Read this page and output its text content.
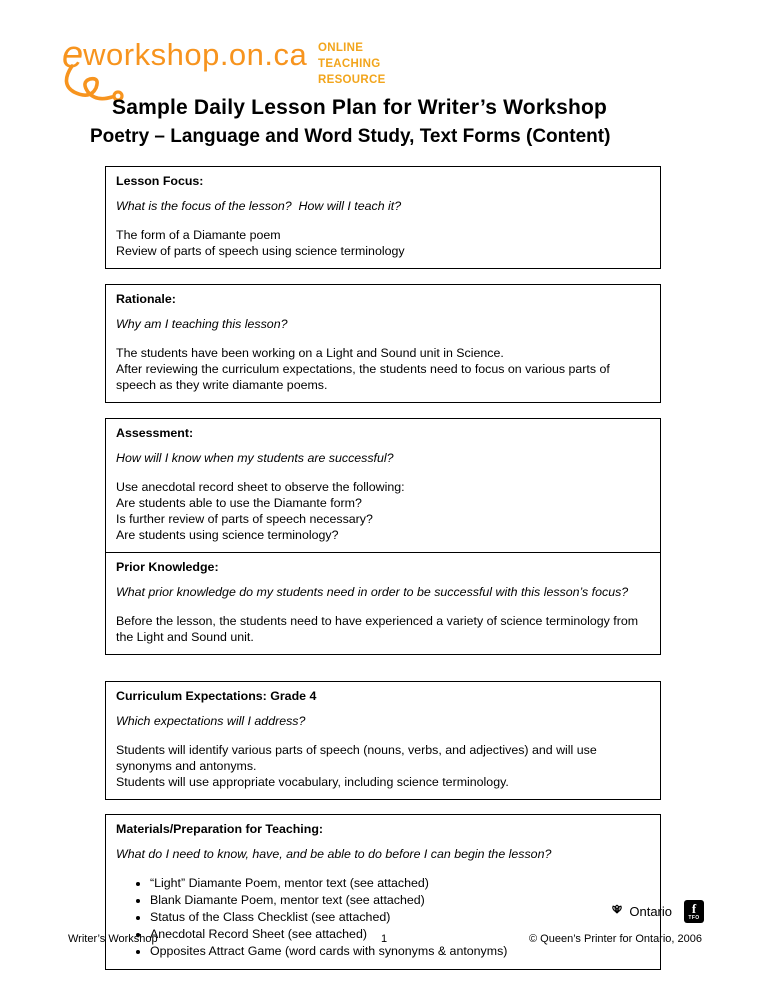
eworkshop.on.ca ONLINE
TEACHING
RESOURCE
Sample Daily Lesson Plan for Writer’s Workshop
Poetry – Language and Word Study, Text Forms (Content)
Lesson Focus:
What is the focus of the lesson?  How will I teach it?
The form of a Diamante poem
Review of parts of speech using science terminology
Rationale:
Why am I teaching this lesson?
The students have been working on a Light and Sound unit in Science.
After reviewing the curriculum expectations, the students need to focus on various parts of speech as they write diamante poems.
Assessment:
How will I know when my students are successful?
Use anecdotal record sheet to observe the following:
Are students able to use the Diamante form?
Is further review of parts of speech necessary?
Are students using science terminology?
Prior Knowledge:
What prior knowledge do my students need in order to be successful with this lesson’s focus?
Before the lesson, the students need to have experienced a variety of science terminology from the Light and Sound unit.
Curriculum Expectations: Grade 4
Which expectations will I address?
Students will identify various parts of speech (nouns, verbs, and adjectives) and will use synonyms and antonyms.
Students will use appropriate vocabulary, including science terminology.
Materials/Preparation for Teaching:
What do I need to know, have, and be able to do before I can begin the lesson?
• “Light” Diamante Poem, mentor text (see attached)
• Blank Diamante Poem, mentor text (see attached)
• Status of the Class Checklist (see attached)
• Anecdotal Record Sheet (see attached)
• Opposites Attract Game (word cards with synonyms & antonyms)
Ontario f
TFO
Writer’s Workshop	1	© Queen’s Printer for Ontario, 2006
